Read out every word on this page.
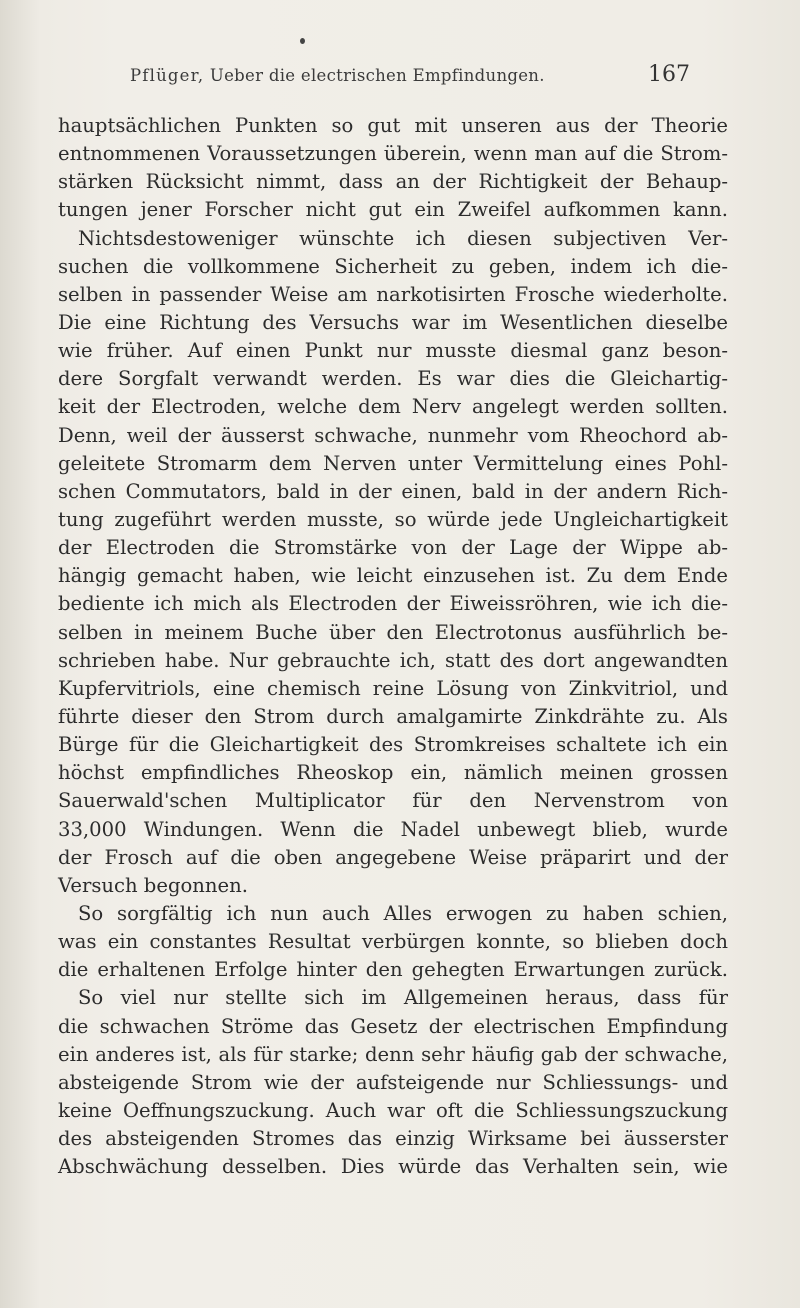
Pflüger, Ueber die electrischen Empfindungen.	167
hauptsächlichen Punkten so gut mit unseren aus der Theorie
entnommenen Voraussetzungen überein, wenn man auf die Strom-
stärken Rücksicht nimmt, dass an der Richtigkeit der Behaup-
tungen jener Forscher nicht gut ein Zweifel aufkommen kann.
Nichtsdestoweniger wünschte ich diesen subjectiven Ver-
suchen die vollkommene Sicherheit zu geben, indem ich die-
selben in passender Weise am narkotisirten Frosche wiederholte.
Die eine Richtung des Versuchs war im Wesentlichen dieselbe
wie früher. Auf einen Punkt nur musste diesmal ganz beson-
dere Sorgfalt verwandt werden. Es war dies die Gleichartig-
keit der Electroden, welche dem Nerv angelegt werden sollten.
Denn, weil der äusserst schwache, nunmehr vom Rheochord ab-
geleitete Stromarm dem Nerven unter Vermittelung eines Pohl-
schen Commutators, bald in der einen, bald in der andern Rich-
tung zugeführt werden musste, so würde jede Ungleichartigkeit
der Electroden die Stromstärke von der Lage der Wippe ab-
hängig gemacht haben, wie leicht einzusehen ist. Zu dem Ende
bediente ich mich als Electroden der Eiweissröhren, wie ich die-
selben in meinem Buche über den Electrotonus ausführlich be-
schrieben habe. Nur gebrauchte ich, statt des dort angewandten
Kupfervitriols, eine chemisch reine Lösung von Zinkvitriol, und
führte dieser den Strom durch amalgamirte Zinkdrähte zu. Als
Bürge für die Gleichartigkeit des Stromkreises schaltete ich ein
höchst empfindliches Rheoskop ein, nämlich meinen grossen
Sauerwald'schen Multiplicator für den Nervenstrom von
33,000 Windungen. Wenn die Nadel unbewegt blieb, wurde
der Frosch auf die oben angegebene Weise präparirt und der
Versuch begonnen.
So sorgfältig ich nun auch Alles erwogen zu haben schien,
was ein constantes Resultat verbürgen konnte, so blieben doch
die erhaltenen Erfolge hinter den gehegten Erwartungen zurück.
So viel nur stellte sich im Allgemeinen heraus, dass für
die schwachen Ströme das Gesetz der electrischen Empfindung
ein anderes ist, als für starke; denn sehr häufig gab der schwache,
absteigende Strom wie der aufsteigende nur Schliessungs- und
keine Oeffnungszuckung. Auch war oft die Schliessungszuckung
des absteigenden Stromes das einzig Wirksame bei äusserster
Abschwächung desselben. Dies würde das Verhalten sein, wie
